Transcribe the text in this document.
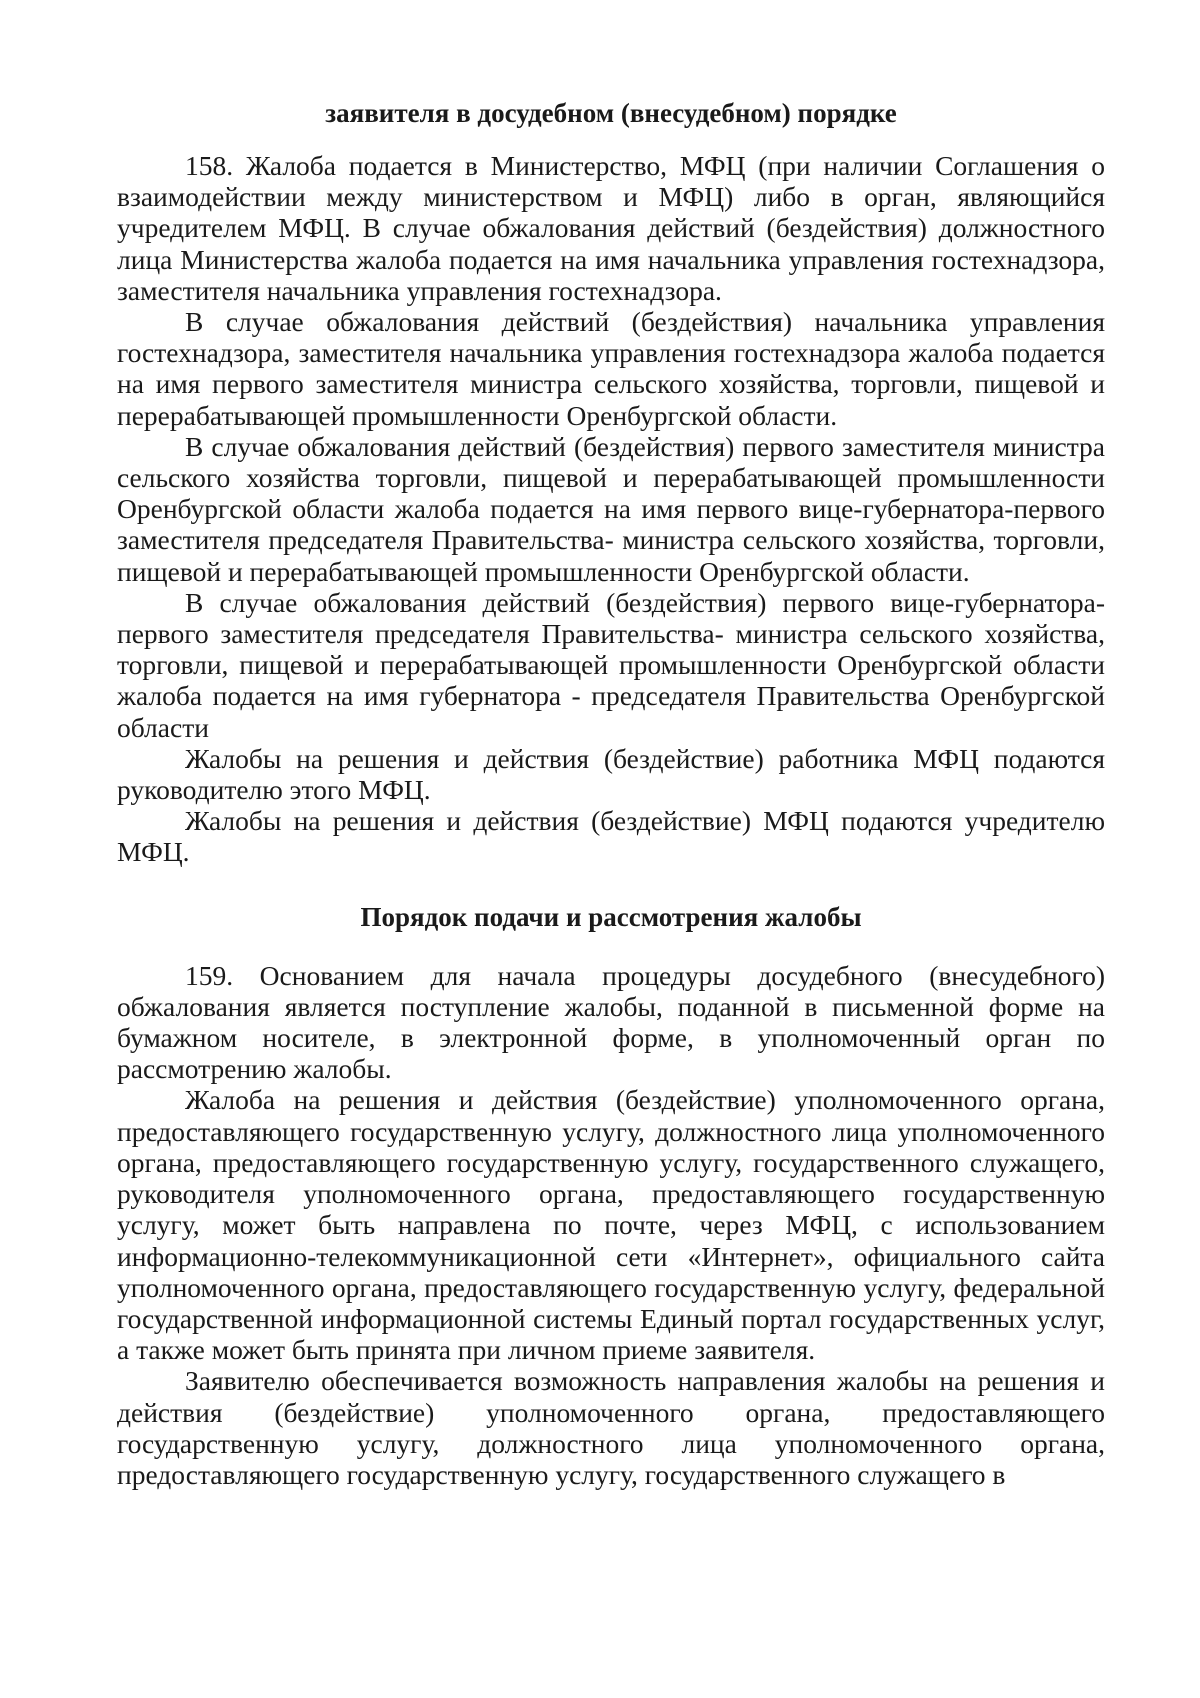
заявителя в досудебном (внесудебном) порядке

158. Жалоба подается в Министерство, МФЦ (при наличии Соглашения о взаимодействии между министерством и МФЦ) либо в орган, являющийся учредителем МФЦ. В случае обжалования действий (бездействия) должностного лица Министерства жалоба подается на имя начальника управления гостехнадзора, заместителя начальника управления гостехнадзора.

В случае обжалования действий (бездействия) начальника управления гостехнадзора, заместителя начальника управления гостехнадзора жалоба подается на имя первого заместителя министра сельского хозяйства, торговли, пищевой и перерабатывающей промышленности Оренбургской области.

В случае обжалования действий (бездействия) первого заместителя министра сельского хозяйства торговли, пищевой и перерабатывающей промышленности Оренбургской области жалоба подается на имя первого вице-губернатора-первого заместителя председателя Правительства- министра сельского хозяйства, торговли, пищевой и перерабатывающей промышленности Оренбургской области.

В случае обжалования действий (бездействия) первого вице-губернатора-первого заместителя председателя Правительства- министра сельского хозяйства, торговли, пищевой и перерабатывающей промышленности Оренбургской области жалоба подается на имя губернатора - председателя Правительства Оренбургской области

Жалобы на решения и действия (бездействие) работника МФЦ подаются руководителю этого МФЦ.

Жалобы на решения и действия (бездействие) МФЦ подаются учредителю МФЦ.

Порядок подачи и рассмотрения жалобы

159. Основанием для начала процедуры досудебного (внесудебного) обжалования является поступление жалобы, поданной в письменной форме на бумажном носителе, в электронной форме, в уполномоченный орган по рассмотрению жалобы.

Жалоба на решения и действия (бездействие) уполномоченного органа, предоставляющего государственную услугу, должностного лица уполномоченного органа, предоставляющего государственную услугу, государственного служащего, руководителя уполномоченного органа, предоставляющего государственную услугу, может быть направлена по почте, через МФЦ, с использованием информационно-телекоммуникационной сети «Интернет», официального сайта уполномоченного органа, предоставляющего государственную услугу, федеральной государственной информационной системы Единый портал государственных услуг, а также может быть принята при личном приеме заявителя.

Заявителю обеспечивается возможность направления жалобы на решения и действия (бездействие) уполномоченного органа, предоставляющего государственную услугу, должностного лица уполномоченного органа, предоставляющего государственную услугу, государственного служащего в
